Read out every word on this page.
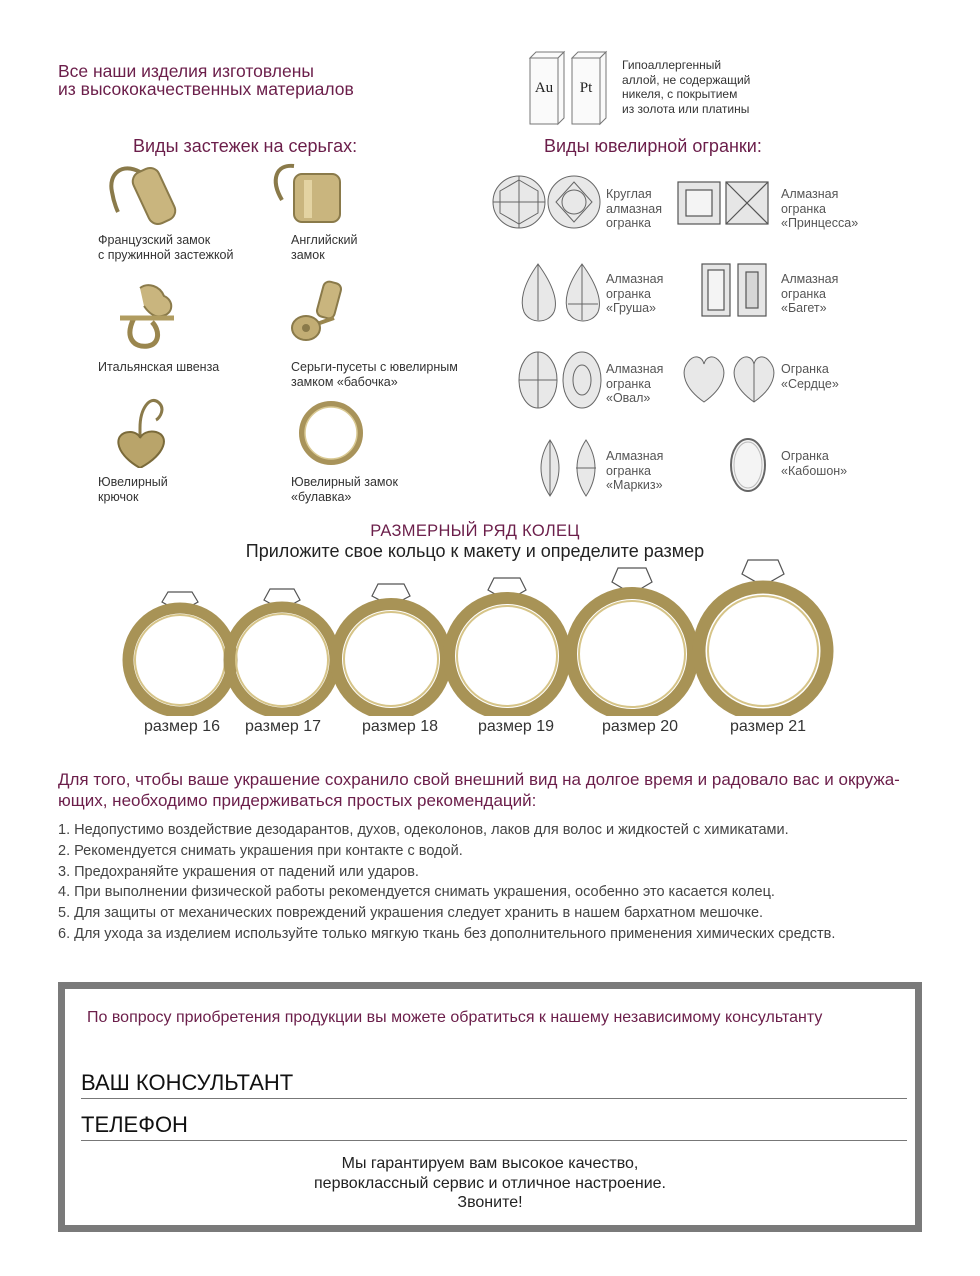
Все наши изделия изготовлены
из высококачественных материалов	Au Pt
Гипоаллергенный
аллой, не содержащий
никеля, с покрытием
из золота или платины
Виды застежек на серьгах:	Виды ювелирной огранки:
Французский замок
с пружинной застежкой
Английский
замок
Итальянская швенза	Серьги-пусеты с ювелирным
замком «бабочка»
Ювелирный
крючок
Ювелирный замок
«булавка»
Круглая
алмазная
огранка
Алмазная
огранка
«Принцесса»
Алмазная
огранка
«Груша»
Алмазная
огранка
«Багет»
Алмазная
огранка
«Овал»
Огранка
«Сердце»
Алмазная
огранка
«Маркиз»
Огранка
«Кабошон»
РАЗМЕРНЫЙ РЯД КОЛЕЦ
Приложите свое кольцо к макету и определите размер
размер 16 размер 17	размер 18	размер 19	размер 20	размер 21
Для того, чтобы ваше украшение сохранило свой внешний вид на долгое время и радовало вас и окружа-ющих, необходимо придерживаться простых рекомендаций:
1. Недопустимо воздействие дезодарантов, духов, одеколонов, лаков для волос и жидкостей с химикатами.
2. Рекомендуется снимать украшения при контакте с водой.
3. Предохраняйте украшения от падений или ударов.
4. При выполнении физической работы рекомендуется снимать украшения, особенно это касается колец.
5. Для защиты от механических повреждений украшения следует хранить в нашем бархатном мешочке.
6. Для ухода за изделием используйте только мягкую ткань без дополнительного применения химических средств.
По вопросу приобретения продукции вы можете обратиться к нашему независимому консультанту
ВАШ КОНСУЛЬТАНТ
ТЕЛЕФОН
Мы гарантируем вам высокое качество,
первоклассный сервис и отличное настроение.
Звоните!
